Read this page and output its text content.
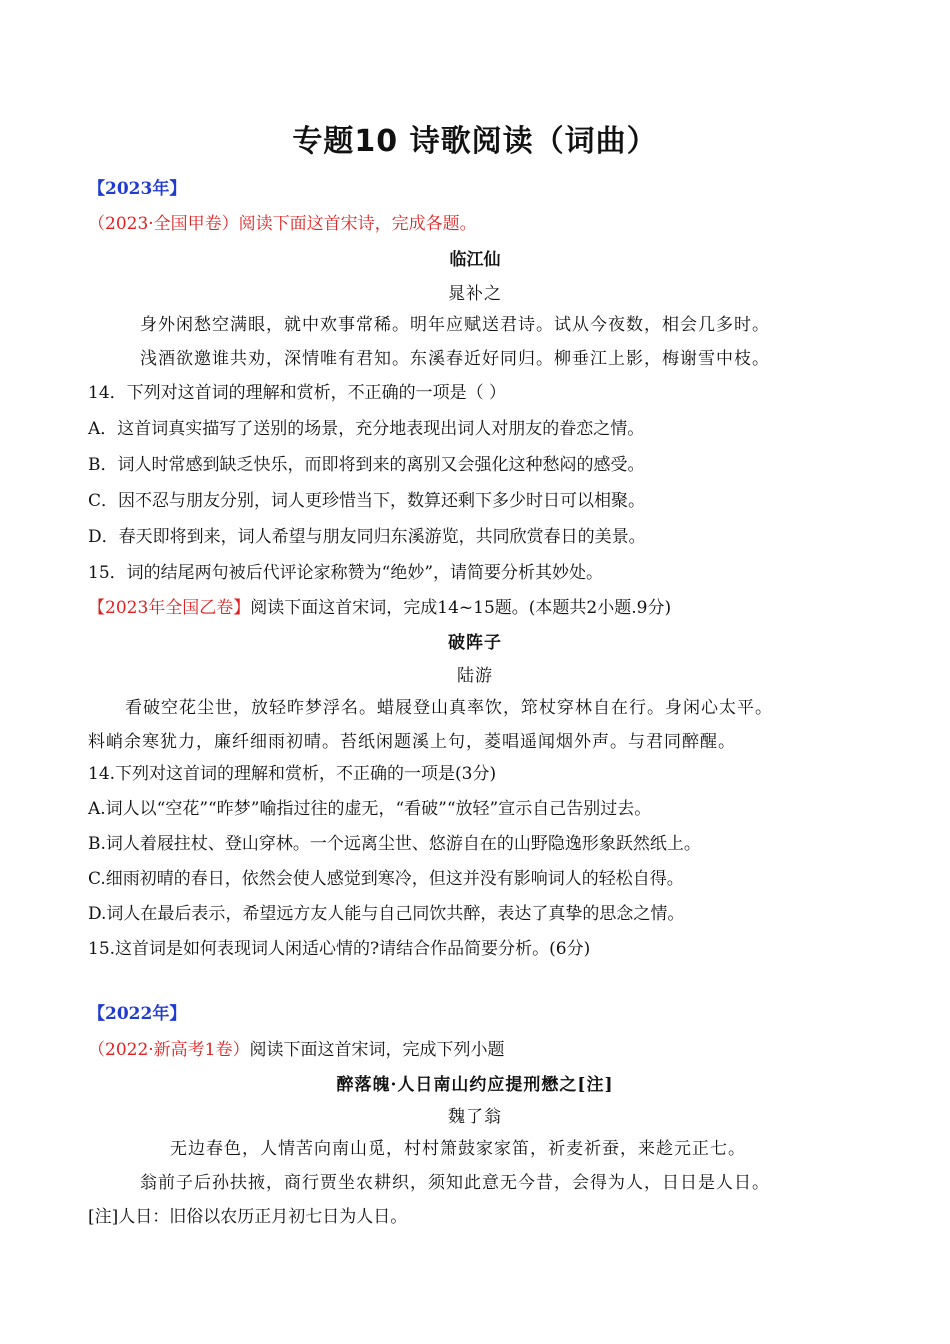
专题10 诗歌阅读（词曲）
【2023年】
（2023·全国甲卷）阅读下面这首宋诗，完成各题。
临江仙
晁补之
身外闲愁空满眼，就中欢事常稀。明年应赋送君诗。试从今夜数，相会几多时。
浅酒欲邀谁共劝，深情唯有君知。东溪春近好同归。柳垂江上影，梅谢雪中枝。
14．下列对这首词的理解和赏析，不正确的一项是（ ）
A．这首词真实描写了送别的场景，充分地表现出词人对朋友的眷恋之情。
B．词人时常感到缺乏快乐，而即将到来的离别又会强化这种愁闷的感受。
C．因不忍与朋友分别，词人更珍惜当下，数算还剩下多少时日可以相聚。
D．春天即将到来，词人希望与朋友同归东溪游览，共同欣赏春日的美景。
15．词的结尾两句被后代评论家称赞为“绝妙”，请简要分析其妙处。
【2023年全国乙卷】阅读下面这首宋词，完成14~15题。(本题共2小题.9分)
破阵子
陆游
看破空花尘世，放轻昨梦浮名。蜡屐登山真率饮，筇杖穿林自在行。身闲心太平。
料峭余寒犹力，廉纤细雨初晴。苔纸闲题溪上句，菱唱遥闻烟外声。与君同醉醒。
14.下列对这首词的理解和赏析，不正确的一项是(3分)
A.词人以“空花”“昨梦”喻指过往的虚无，“看破”“放轻”宣示自己告别过去。
B.词人着屐拄杖、登山穿林。一个远离尘世、悠游自在的山野隐逸形象跃然纸上。
C.细雨初晴的春日，依然会使人感觉到寒冷，但这并没有影响词人的轻松自得。
D.词人在最后表示，希望远方友人能与自己同饮共醉，表达了真挚的思念之情。
15.这首词是如何表现词人闲适心情的?请结合作品简要分析。(6分)
【2022年】
（2022·新高考1卷）阅读下面这首宋词，完成下列小题
醉落魄·人日南山约应提刑懋之[注]
魏了翁
无边春色，人情苦向南山觅，村村箫鼓家家笛，祈麦祈蚕，来趁元正七。
翁前子后孙扶掖，商行贾坐农耕织，须知此意无今昔，会得为人，日日是人日。
[注]人日：旧俗以农历正月初七日为人日。
